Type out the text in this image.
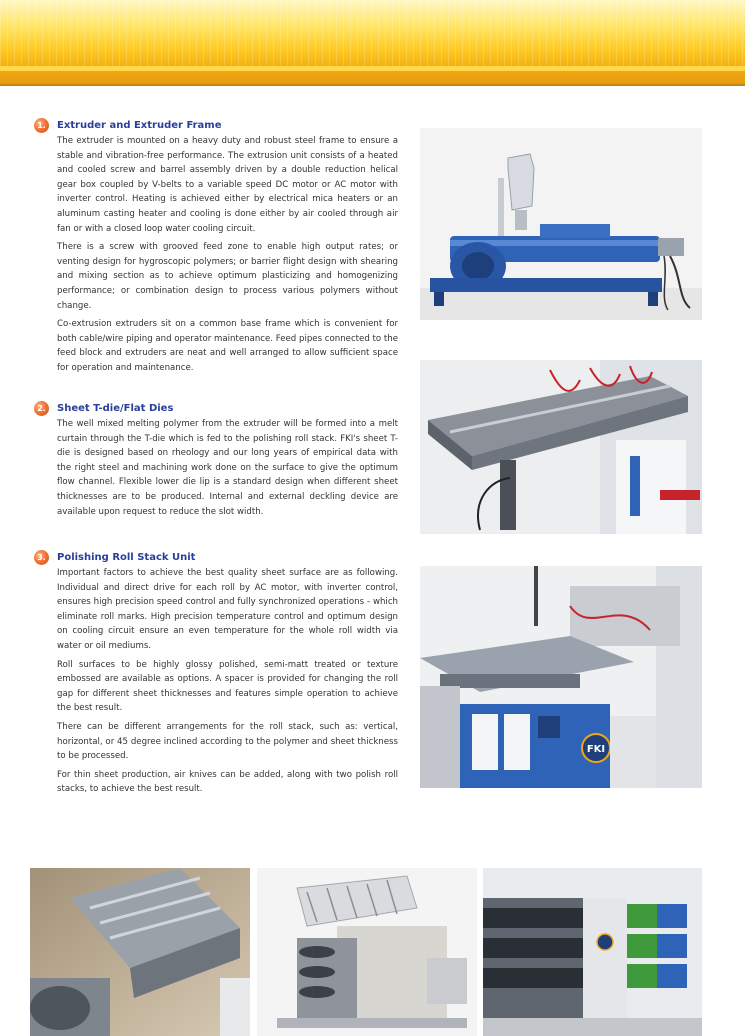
1.	Extruder and Extruder Frame

The extruder is mounted on a heavy duty and robust steel frame to ensure a stable and vibration-free performance. The extrusion unit consists of a heated and cooled screw and barrel assembly driven by a double reduction helical gear box coupled by V-belts to a variable speed DC motor or AC motor with inverter control. Heating is achieved either by electrical mica heaters or an aluminum casting heater and cooling is done either by air cooled through air fan or with a closed loop water cooling circuit.

There is a screw with grooved feed zone to enable high output rates; or venting design for hygroscopic polymers; or barrier flight design with shearing and mixing section as to achieve optimum plasticizing and homogenizing performance; or combination design to process various polymers without change.

Co-extrusion extruders sit on a common base frame which is convenient for both cable/wire piping and operator maintenance. Feed pipes connected to the feed block and extruders are neat and well arranged to allow sufficient space for operation and maintenance.

2.	Sheet T-die/Flat Dies

The well mixed melting polymer from the extruder will be formed into a melt curtain through the T-die which is fed to the polishing roll stack. FKI's sheet T-die is designed based on rheology and our long years of empirical data with the right steel and machining work done on the surface to give the optimum flow channel. Flexible lower die lip is a standard design when different sheet thicknesses are to be produced. Internal and external deckling device are available upon request to reduce the slot width.

3.	Polishing Roll Stack Unit

Important factors to achieve the best quality sheet surface are as following. Individual and direct drive for each roll by AC motor, with inverter control, ensures high precision speed control and fully synchronized operations - which eliminate roll marks. High precision temperature control and optimum design on cooling circuit ensure an even temperature for the whole roll width via water or oil mediums.

Roll surfaces to be highly glossy polished, semi-matt treated or texture embossed are available as options. A spacer is provided for changing the roll gap for different sheet thicknesses and features simple operation to achieve the best result.

There can be different arrangements for the roll stack, such as: vertical, horizontal, or 45 degree inclined according to the polymer and sheet thickness to be processed.

For thin sheet production, air knives can be added, along with two polish roll stacks, to achieve the best result.

FKI
